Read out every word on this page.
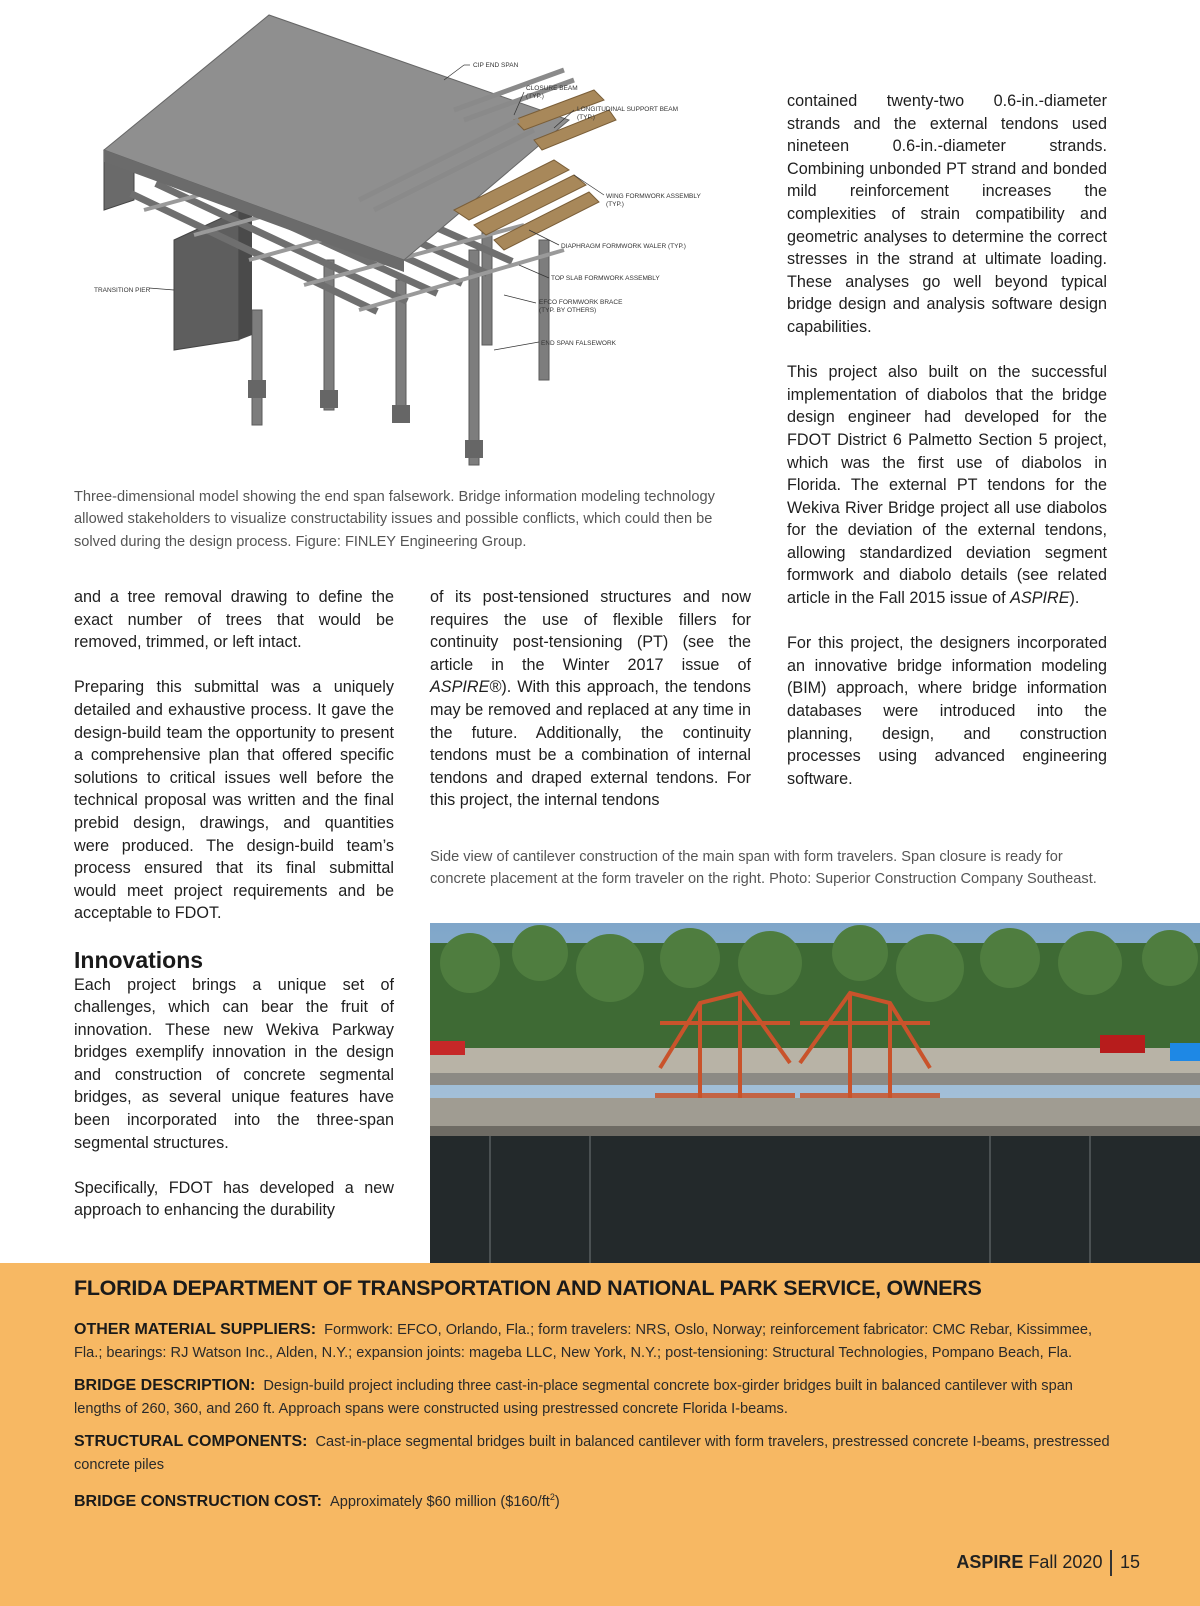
CIP END SPAN
CLOSURE BEAM
(TYP.)
LONGITUDINAL SUPPORT BEAM
(TYP.)
WING FORMWORK ASSEMBLY
(TYP.)
DIAPHRAGM FORMWORK WALER (TYP.)
TOP SLAB FORMWORK ASSEMBLY
EFCO FORMWORK BRACE
(TYP. BY OTHERS)
END SPAN FALSEWORK
TRANSITION PIER
Three-dimensional model showing the end span falsework. Bridge information modeling technology allowed stakeholders to visualize constructability issues and possible conflicts, which could then be solved during the design process. Figure: FINLEY Engineering Group.

and a tree removal drawing to define the exact number of trees that would be removed, trimmed, or left intact.

Preparing this submittal was a uniquely detailed and exhaustive process. It gave the design-build team the opportunity to present a comprehensive plan that offered specific solutions to critical issues well before the technical proposal was written and the final prebid design, drawings, and quantities were produced. The design-build team’s process ensured that its final submittal would meet project requirements and be acceptable to FDOT.

Innovations

Each project brings a unique set of challenges, which can bear the fruit of innovation. These new Wekiva Parkway bridges exemplify innovation in the design and construction of concrete segmental bridges, as several unique features have been incorporated into the three-span segmental structures.

Specifically, FDOT has developed a new approach to enhancing the durability

of its post-tensioned structures and now requires the use of flexible fillers for continuity post-tensioning (PT) (see the article in the Winter 2017 issue of ASPIRE®). With this approach, the tendons may be removed and replaced at any time in the future. Additionally, the continuity tendons must be a combination of internal tendons and draped external tendons. For this project, the internal tendons

contained twenty-two 0.6-in.-diameter strands and the external tendons used nineteen 0.6-in.-diameter strands. Combining unbonded PT strand and bonded mild reinforcement increases the complexities of strain compatibility and geometric analyses to determine the correct stresses in the strand at ultimate loading. These analyses go well beyond typical bridge design and analysis software design capabilities.

This project also built on the successful implementation of diabolos that the bridge design engineer had developed for the FDOT District 6 Palmetto Section 5 project, which was the first use of diabolos in Florida. The external PT tendons for the Wekiva River Bridge project all use diabolos for the deviation of the external tendons, allowing standardized deviation segment formwork and diabolo details (see related article in the Fall 2015 issue of ASPIRE).

For this project, the designers incorporated an innovative bridge information modeling (BIM) approach, where bridge information databases were introduced into the planning, design, and construction processes using advanced engineering software.

Side view of cantilever construction of the main span with form travelers. Span closure is ready for concrete placement at the form traveler on the right. Photo: Superior Construction Company Southeast.
FLORIDA DEPARTMENT OF TRANSPORTATION AND NATIONAL PARK SERVICE, OWNERS
OTHER MATERIAL SUPPLIERS: Formwork: EFCO, Orlando, Fla.; form travelers: NRS, Oslo, Norway; reinforcement fabricator: CMC Rebar, Kissimmee, Fla.; bearings: RJ Watson Inc., Alden, N.Y.; expansion joints: mageba LLC, New York, N.Y.; post-tensioning: Structural Technologies, Pompano Beach, Fla.
BRIDGE DESCRIPTION: Design-build project including three cast-in-place segmental concrete box-girder bridges built in balanced cantilever with span lengths of 260, 360, and 260 ft. Approach spans were constructed using prestressed concrete Florida I-beams.
STRUCTURAL COMPONENTS: Cast-in-place segmental bridges built in balanced cantilever with form travelers, prestressed concrete I-beams, prestressed concrete piles
BRIDGE CONSTRUCTION COST: Approximately $60 million $(\$160/ft^2)$
ASPIRE Fall 2020 15
